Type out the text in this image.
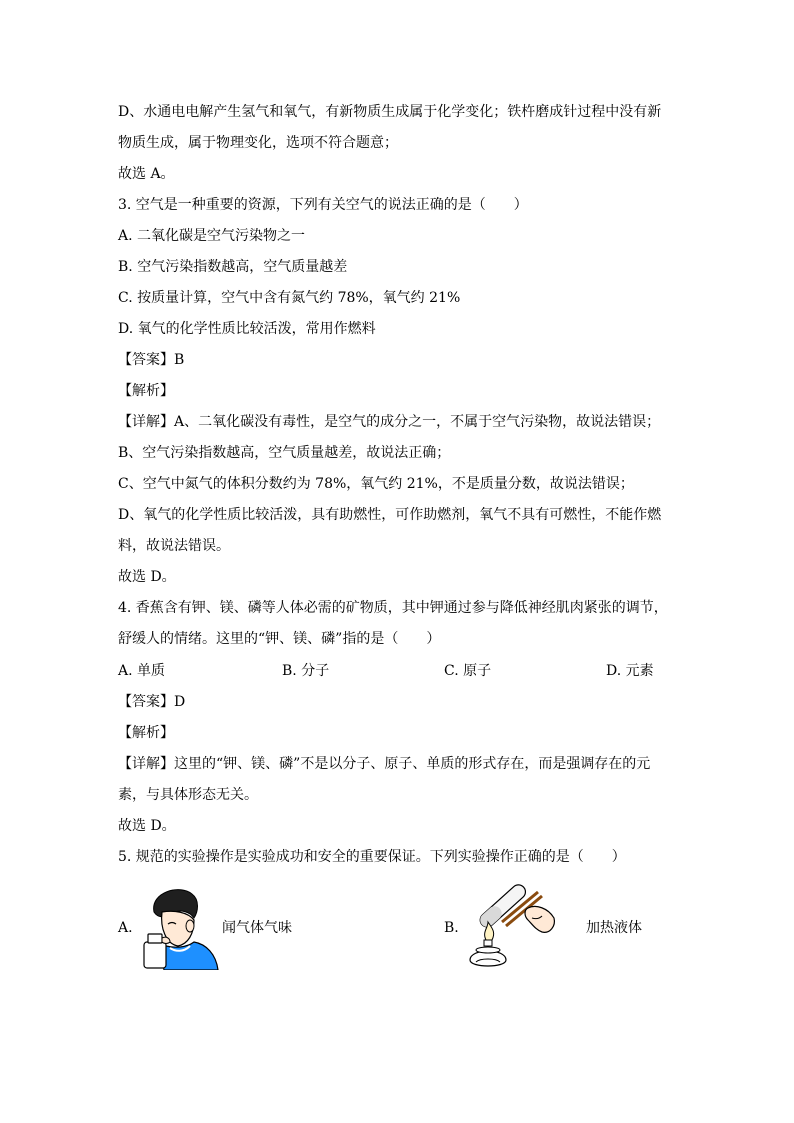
D、水通电电解产生氢气和氧气，有新物质生成属于化学变化；铁杵磨成针过程中没有新
物质生成，属于物理变化，选项不符合题意；
故选 A。
3. 空气是一种重要的资源，下列有关空气的说法正确的是（　　）
A. 二氧化碳是空气污染物之一
B. 空气污染指数越高，空气质量越差
C. 按质量计算，空气中含有氮气约 78%，氧气约 21%
D. 氧气的化学性质比较活泼，常用作燃料
【答案】B
【解析】
【详解】A、二氧化碳没有毒性，是空气的成分之一，不属于空气污染物，故说法错误；
B、空气污染指数越高，空气质量越差，故说法正确；
C、空气中氮气的体积分数约为 78%，氧气约 21%，不是质量分数，故说法错误；
D、氧气的化学性质比较活泼，具有助燃性，可作助燃剂，氧气不具有可燃性，不能作燃
料，故说法错误。
故选 D。
4. 香蕉含有钾、镁、磷等人体必需的矿物质，其中钾通过参与降低神经肌肉紧张的调节，
舒缓人的情绪。这里的“钾、镁、磷”指的是（　　）
A. 单质	B. 分子	C. 原子	D. 元素
【答案】D
【解析】
【详解】这里的“钾、镁、磷”不是以分子、原子、单质的形式存在，而是强调存在的元
素，与具体形态无关。
故选 D。
5. 规范的实验操作是实验成功和安全的重要保证。下列实验操作正确的是（　　）
A.	闻气体气味	B.	加热液体
